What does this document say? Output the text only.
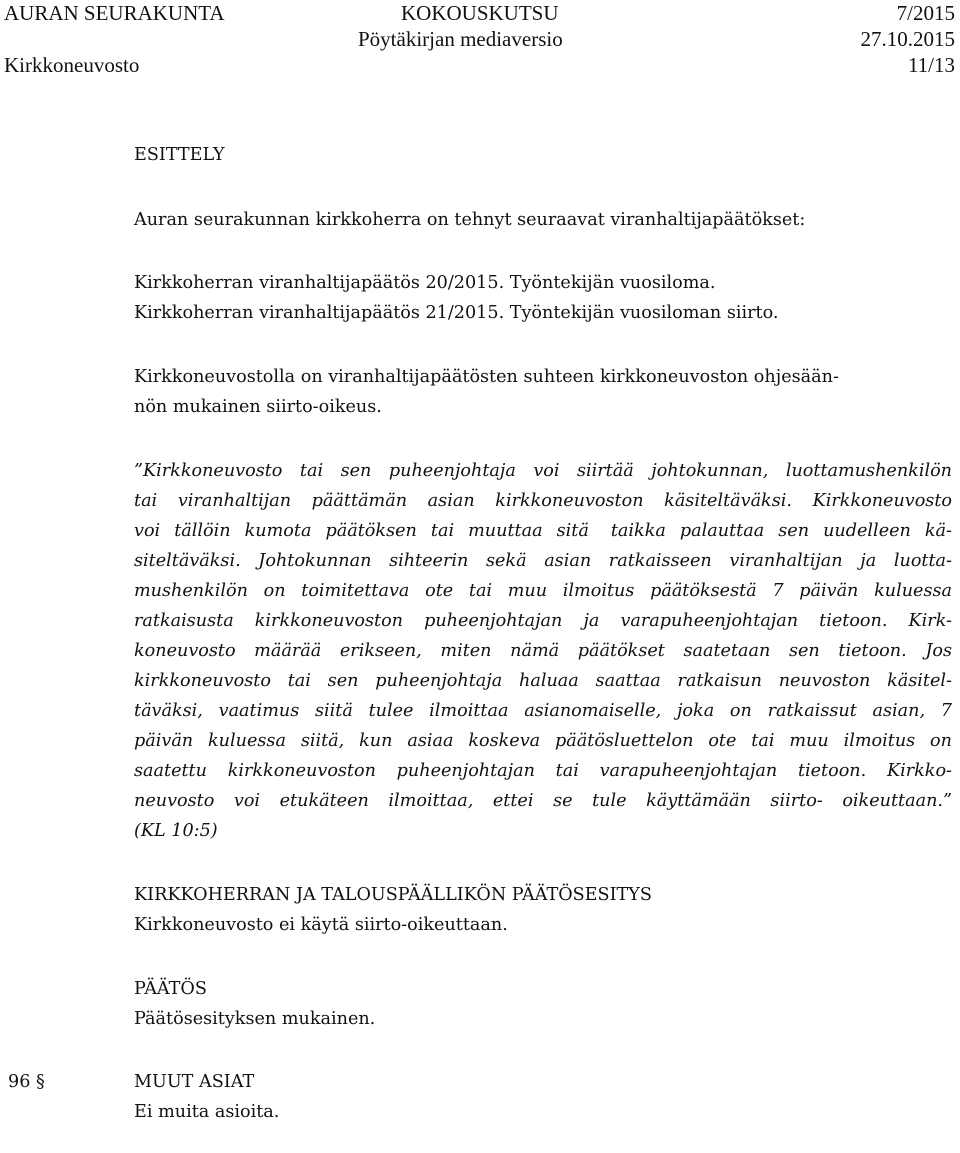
AURAN SEURAKUNTA	KOKOUSKUTSU	7/2015
Pöytäkirjan mediaversio	27.10.2015
Kirkkoneuvosto	11/13
ESITTELY
Auran seurakunnan kirkkoherra on tehnyt seuraavat viranhaltijapäätökset:
Kirkkoherran viranhaltijapäätös 20/2015. Työntekijän vuosiloma.
Kirkkoherran viranhaltijapäätös 21/2015. Työntekijän vuosiloman siirto.
Kirkkoneuvostolla on viranhaltijapäätösten suhteen kirkkoneuvoston ohjesään-
nön mukainen siirto-oikeus.
”Kirkkoneuvosto tai sen puheenjohtaja voi siirtää johtokunnan, luottamushenkilön
tai viranhaltijan päättämän asian kirkkoneuvoston käsiteltäväksi. Kirkkoneuvosto
voi tällöin kumota päätöksen tai muuttaa sitä taikka palauttaa sen uudelleen kä-
siteltäväksi. Johtokunnan sihteerin sekä asian ratkaisseen viranhaltijan ja luotta-
mushenkilön on toimitettava ote tai muu ilmoitus päätöksestä 7 päivän kuluessa
ratkaisusta kirkkoneuvoston puheenjohtajan ja varapuheenjohtajan tietoon. Kirk-
koneuvosto määrää erikseen, miten nämä päätökset saatetaan sen tietoon. Jos
kirkkoneuvosto tai sen puheenjohtaja haluaa saattaa ratkaisun neuvoston käsitel-
täväksi, vaatimus siitä tulee ilmoittaa asianomaiselle, joka on ratkaissut asian, 7
päivän kuluessa siitä, kun asiaa koskeva päätösluettelon ote tai muu ilmoitus on
saatettu kirkkoneuvoston puheenjohtajan tai varapuheenjohtajan tietoon. Kirkko-
neuvosto voi etukäteen ilmoittaa, ettei se tule käyttämään siirto- oikeuttaan.”
(KL 10:5)
KIRKKOHERRAN JA TALOUSPÄÄLLIKÖN PÄÄTÖSESITYS
Kirkkoneuvosto ei käytä siirto-oikeuttaan.
PÄÄTÖS
Päätösesityksen mukainen.
96 §	MUUT ASIAT
Ei muita asioita.
